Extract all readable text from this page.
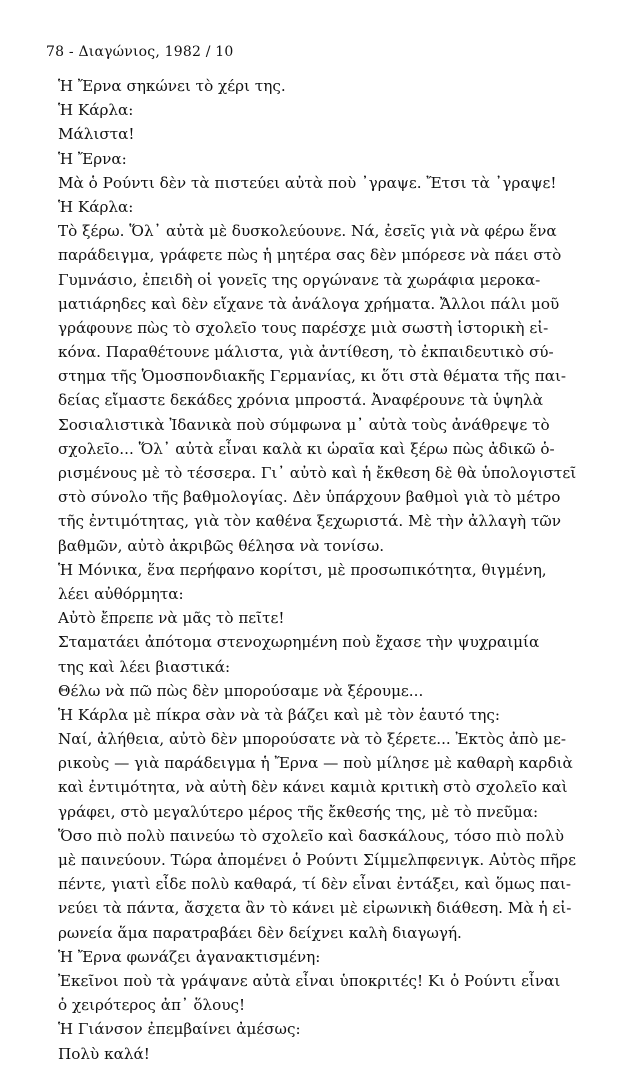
78 - Διαγώνιος, 1982 / 10
Ἡ Ἔρνα σηκώνει τὸ χέρι της.
Ἡ Κάρλα:
Μάλιστα!
Ἡ Ἔρνα:
Μὰ ὁ Ρούντι δὲν τὰ πιστεύει αὐτὰ ποὺ ᾽γραψε. Ἔτσι τὰ ᾽γραψε!
Ἡ Κάρλα:
Τὸ ξέρω. Ὅλ᾽ αὐτὰ μὲ δυσκολεύουνε. Νά, ἐσεῖς γιὰ νὰ φέρω ἕνα
παράδειγμα, γράφετε πὼς ἡ μητέρα σας δὲν μπόρεσε νὰ πάει στὸ
Γυμνάσιο, ἐπειδὴ οἱ γονεῖς της οργώνανε τὰ χωράφια μεροκα-
ματιάρηδες καὶ δὲν εἴχανε τὰ ἀνάλογα χρήματα. Ἄλλοι πάλι μοῦ
γράφουνε πὼς τὸ σχολεῖο τους παρέσχε μιὰ σωστὴ ἱστορικὴ εἰ-
κόνα. Παραθέτουνε μάλιστα, γιὰ ἀντίθεση, τὸ ἐκπαιδευτικὸ σύ-
στημα τῆς Ὁμοσπονδιακῆς Γερμανίας, κι ὅτι στὰ θέματα τῆς παι-
δείας εἴμαστε δεκάδες χρόνια μπροστά. Ἀναφέρουνε τὰ ὑψηλὰ
Σοσιαλιστικὰ Ἰδανικὰ ποὺ σύμφωνα μ᾽ αὐτὰ τοὺς ἀνάθρεψε τὸ
σχολεῖο... Ὅλ᾽ αὐτὰ εἶναι καλὰ κι ὡραῖα καὶ ξέρω πὼς ἀδικῶ ὁ-
ρισμένους μὲ τὸ τέσσερα. Γι᾽ αὐτὸ καὶ ἡ ἔκθεση δὲ θὰ ὑπολογιστεῖ
στὸ σύνολο τῆς βαθμολογίας. Δὲν ὑπάρχουν βαθμοὶ γιὰ τὸ μέτρο
τῆς ἐντιμότητας, γιὰ τὸν καθένα ξεχωριστά. Μὲ τὴν ἀλλαγὴ τῶν
βαθμῶν, αὐτὸ ἀκριβῶς θέλησα νὰ τονίσω.
Ἡ Μόνικα, ἕνα περήφανο κορίτσι, μὲ προσωπικότητα, θιγμένη,
λέει αὐθόρμητα:
Αὐτὸ ἔπρεπε νὰ μᾶς τὸ πεῖτε!
Σταματάει ἀπότομα στενοχωρημένη ποὺ ἔχασε τὴν ψυχραιμία
της καὶ λέει βιαστικά:
Θέλω νὰ πῶ πὼς δὲν μπορούσαμε νὰ ξέρουμε...
Ἡ Κάρλα μὲ πίκρα σὰν νὰ τὰ βάζει καὶ μὲ τὸν ἑαυτό της:
Ναί, ἀλήθεια, αὐτὸ δὲν μπορούσατε νὰ τὸ ξέρετε... Ἐκτὸς ἀπὸ με-
ρικοὺς — γιὰ παράδειγμα ἡ Ἔρνα — ποὺ μίλησε μὲ καθαρὴ καρδιὰ
καὶ ἐντιμότητα, νὰ αὐτὴ δὲν κάνει καμιὰ κριτικὴ στὸ σχολεῖο καὶ
γράφει, στὸ μεγαλύτερο μέρος τῆς ἔκθεσής της, μὲ τὸ πνεῦμα:
Ὅσο πιὸ πολὺ παινεύω τὸ σχολεῖο καὶ δασκάλους, τόσο πιὸ πολὺ
μὲ παινεύουν. Τώρα ἀπομένει ὁ Ρούντι Σίμμελπφενιγκ. Αὐτὸς πῆρε
πέντε, γιατὶ εἶδε πολὺ καθαρά, τί δὲν εἶναι ἐντάξει, καὶ ὅμως παι-
νεύει τὰ πάντα, ἄσχετα ἂν τὸ κάνει μὲ εἰρωνικὴ διάθεση. Μὰ ἡ εἰ-
ρωνεία ἅμα παρατραβάει δὲν δείχνει καλὴ διαγωγή.
Ἡ Ἔρνα φωνάζει ἀγανακτισμένη:
Ἐκεῖνοι ποὺ τὰ γράψανε αὐτὰ εἶναι ὑποκριτές! Κι ὁ Ρούντι εἶναι
ὁ χειρότερος ἀπ᾽ ὅλους!
Ἡ Γιάνσον ἐπεμβαίνει ἀμέσως:
Πολὺ καλά!
